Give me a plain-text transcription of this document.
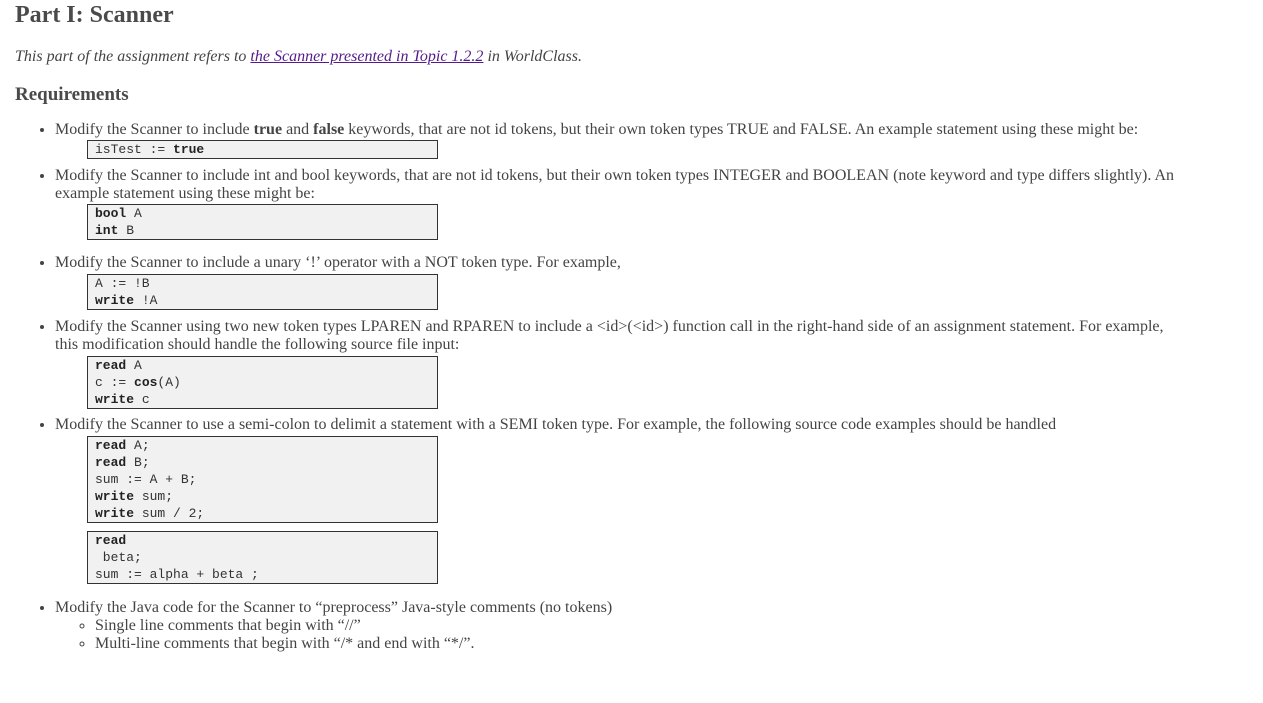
Part I: Scanner

This part of the assignment refers to the Scanner presented in Topic 1.2.2 in WorldClass.

Requirements
• Modify the Scanner to include true and false keywords, that are not id tokens, but their own token types TRUE and FALSE. An example statement using these might be:
isTest := true
• Modify the Scanner to include int and bool keywords, that are not id tokens, but their own token types INTEGER and BOOLEAN (note keyword and type differs slightly). An example statement using these might be:
bool A
int B
• Modify the Scanner to include a unary ‘!’ operator with a NOT token type. For example,
A := !B
write !A
• Modify the Scanner using two new token types LPAREN and RPAREN to include a <id>(<id>) function call in the right-hand side of an assignment statement. For example, this modification should handle the following source file input:
read A
c := cos(A)
write c
• Modify the Scanner to use a semi-colon to delimit a statement with a SEMI token type. For example, the following source code examples should be handled
read A;
read B;
sum := A + B;
write sum;
write sum / 2;
read
beta;
sum := alpha + beta ;
• Modify the Java code for the Scanner to “preprocess” Java-style comments (no tokens)
◦ Single line comments that begin with “//”
◦ Multi-line comments that begin with “/* and end with “*/”.
